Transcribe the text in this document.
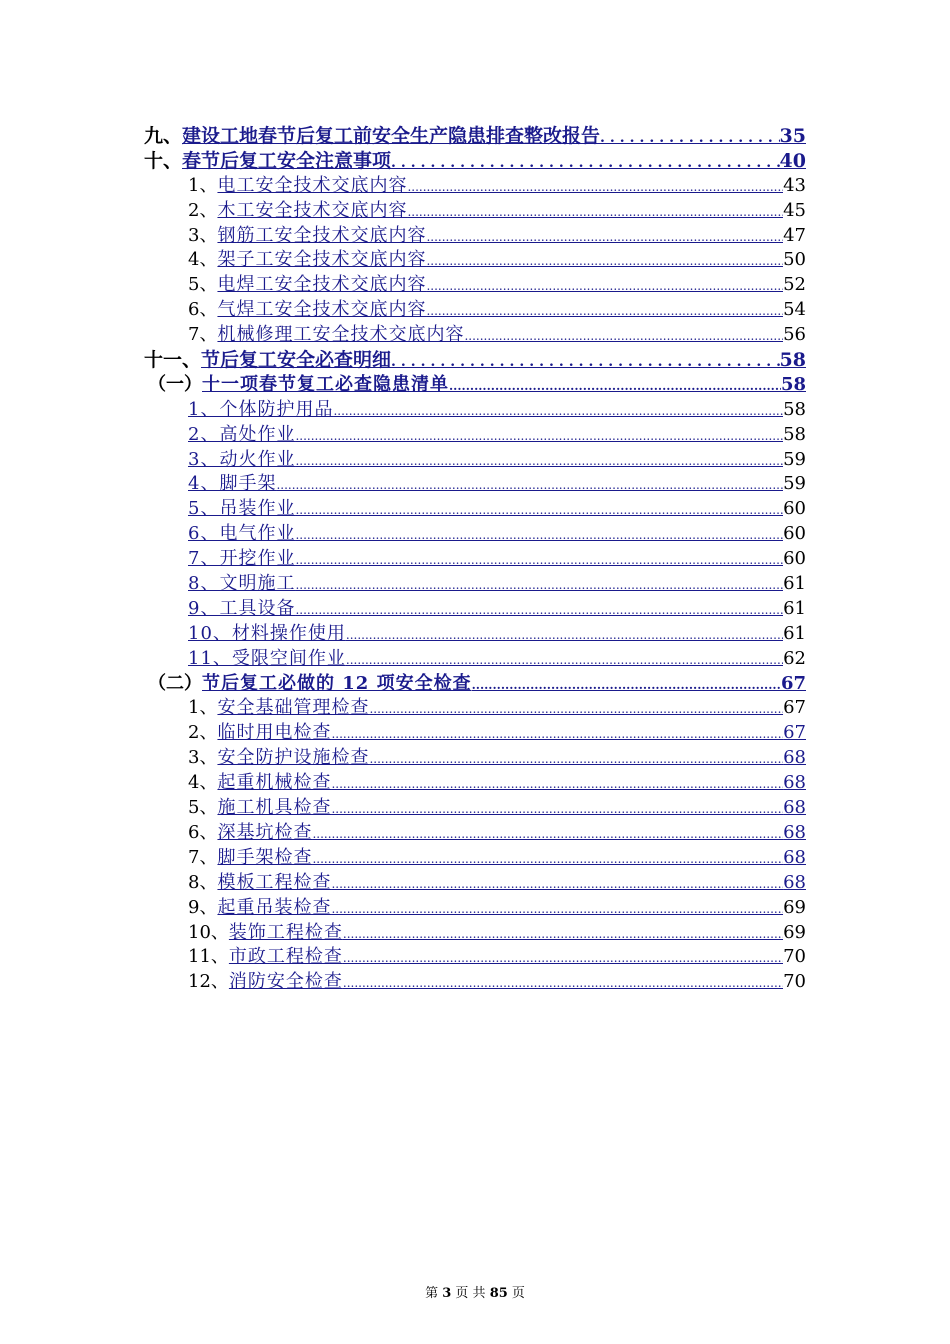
九、 建设工地春节后复工前安全生产隐患排查整改报告 .....	35
十、 春节后复工安全注意事项 .....	40
1、 电工安全技术交底内容 .....	43
2、 木工安全技术交底内容 .....	45
3、 钢筋工安全技术交底内容 .....	47
4、 架子工安全技术交底内容 .....	50
5、 电焊工安全技术交底内容 .....	52
6、 气焊工安全技术交底内容 .....	54
7、 机械修理工安全技术交底内容 .....	56
十一、 节后复工安全必查明细 .....	58
（一） 十一项春节复工必查隐患清单 .....	58
1、个体防护用品 .....	58
2、高处作业 .....	58
3、动火作业 .....	59
4、脚手架 .....	59
5、吊装作业 .....	60
6、电气作业 .....	60
7、开挖作业 .....	60
8、文明施工 .....	61
9、工具设备 .....	61
10、材料操作使用 .....	61
11、受限空间作业 .....	62
（二） 节后复工必做的 12 项安全检查 .....	67
1、 安全基础管理检查 .....	67
2、 临时用电检查 .....	67
3、 安全防护设施检查 .....	68
4、 起重机械检查 .....	68
5、 施工机具检查 .....	68
6、 深基坑检查 .....	68
7、 脚手架检查 .....	68
8、 模板工程检查 .....	68
9、 起重吊装检查 .....	69
10、 装饰工程检查 .....	69
11、 市政工程检查 .....	70
12、 消防安全检查 .....	70
第 3 页 共 85 页
